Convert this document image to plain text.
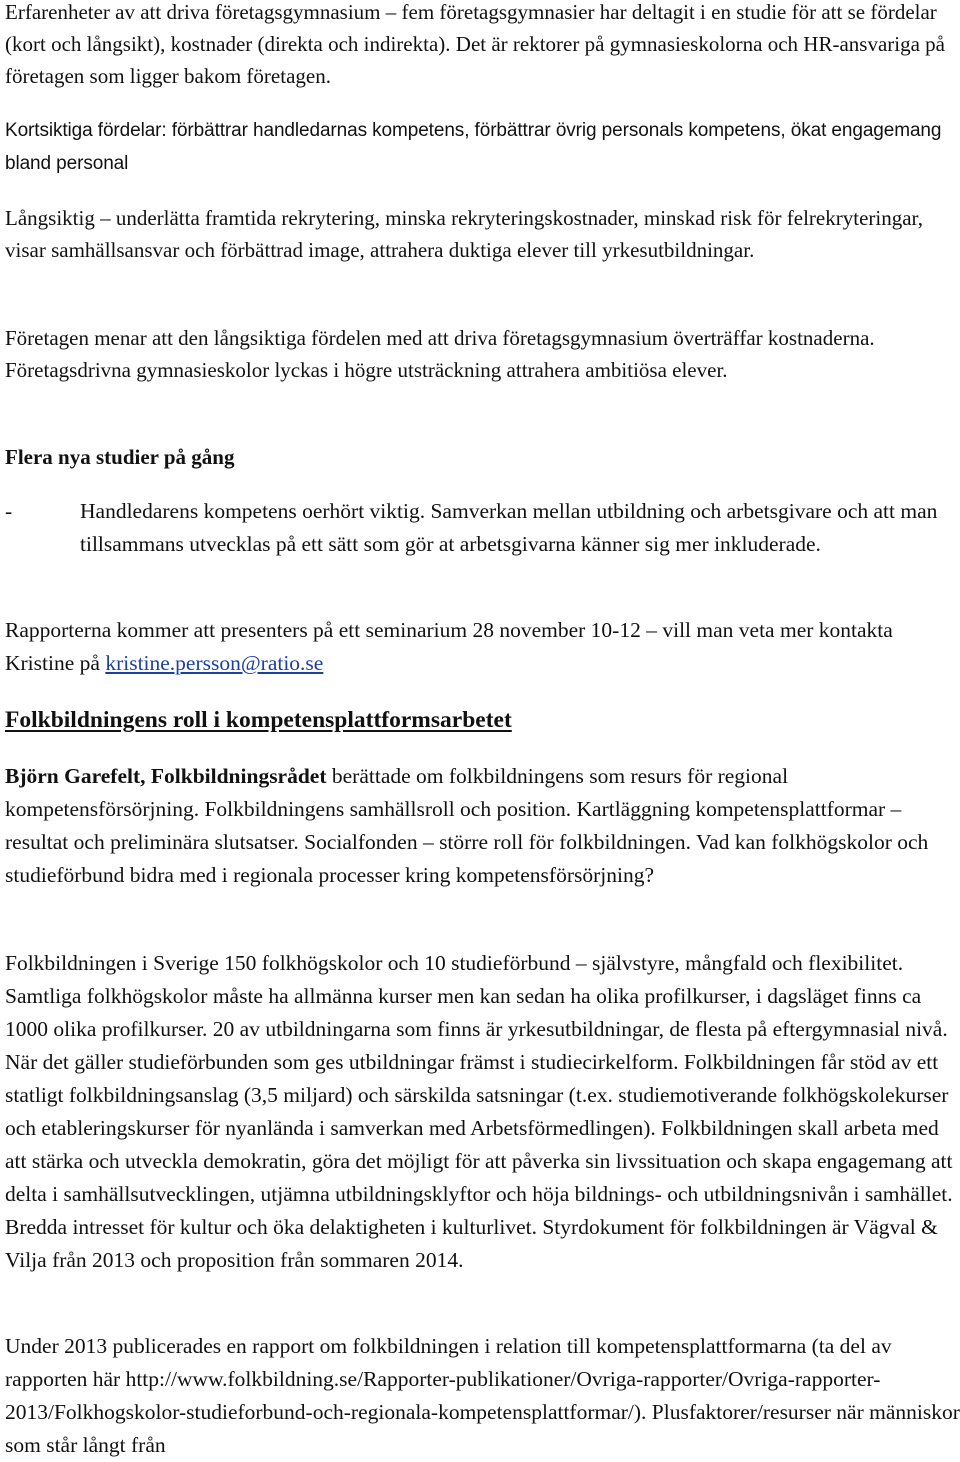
Erfarenheter av att driva företagsgymnasium – fem företagsgymnasier har deltagit i en studie för att se fördelar (kort och långsikt), kostnader (direkta och indirekta). Det är rektorer på gymnasieskolorna och HR-ansvariga på företagen som ligger bakom företagen.

Kortsiktiga fördelar: förbättrar handledarnas kompetens, förbättrar övrig personals kompetens, ökat engagemang bland personal

Långsiktig – underlätta framtida rekrytering, minska rekryteringskostnader, minskad risk för felrekryteringar, visar samhällsansvar och förbättrad image, attrahera duktiga elever till yrkesutbildningar.

Företagen menar att den långsiktiga fördelen med att driva företagsgymnasium överträffar kostnaderna. Företagsdrivna gymnasieskolor lyckas i högre utsträckning attrahera ambitiösa elever.

Flera nya studier på gång
-	Handledarens kompetens oerhört viktig. Samverkan mellan utbildning och arbetsgivare och att man tillsammans utvecklas på ett sätt som gör at arbetsgivarna känner sig mer inkluderade.

Rapporterna kommer att presenters på ett seminarium 28 november 10-12 – vill man veta mer kontakta Kristine på kristine.persson@ratio.se

Folkbildningens roll i kompetensplattformsarbetet

Björn Garefelt, Folkbildningsrådet berättade om folkbildningens som resurs för regional kompetensförsörjning. Folkbildningens samhällsroll och position. Kartläggning kompetensplattformar – resultat och preliminära slutsatser. Socialfonden – större roll för folkbildningen. Vad kan folkhögskolor och studieförbund bidra med i regionala processer kring kompetensförsörjning?

Folkbildningen i Sverige 150 folkhögskolor och 10 studieförbund – självstyre, mångfald och flexibilitet. Samtliga folkhögskolor måste ha allmänna kurser men kan sedan ha olika profilkurser, i dagsläget finns ca 1000 olika profilkurser. 20 av utbildningarna som finns är yrkesutbildningar, de flesta på eftergymnasial nivå. När det gäller studieförbunden som ges utbildningar främst i studiecirkelform. Folkbildningen får stöd av ett statligt folkbildningsanslag (3,5 miljard) och särskilda satsningar (t.ex. studiemotiverande folkhögskolekurser och etableringskurser för nyanlända i samverkan med Arbetsförmedlingen). Folkbildningen skall arbeta med att stärka och utveckla demokratin, göra det möjligt för att påverka sin livssituation och skapa engagemang att delta i samhällsutvecklingen, utjämna utbildningsklyftor och höja bildnings- och utbildningsnivån i samhället. Bredda intresset för kultur och öka delaktigheten i kulturlivet. Styrdokument för folkbildningen är Vägval & Vilja från 2013 och proposition från sommaren 2014.

Under 2013 publicerades en rapport om folkbildningen i relation till kompetensplattformarna (ta del av rapporten här http://www.folkbildning.se/Rapporter-publikationer/Ovriga-rapporter/Ovriga-rapporter-2013/Folkhogskolor-studieforbund-och-regionala-kompetensplattformar/). Plusfaktorer/resurser när människor som står långt från
